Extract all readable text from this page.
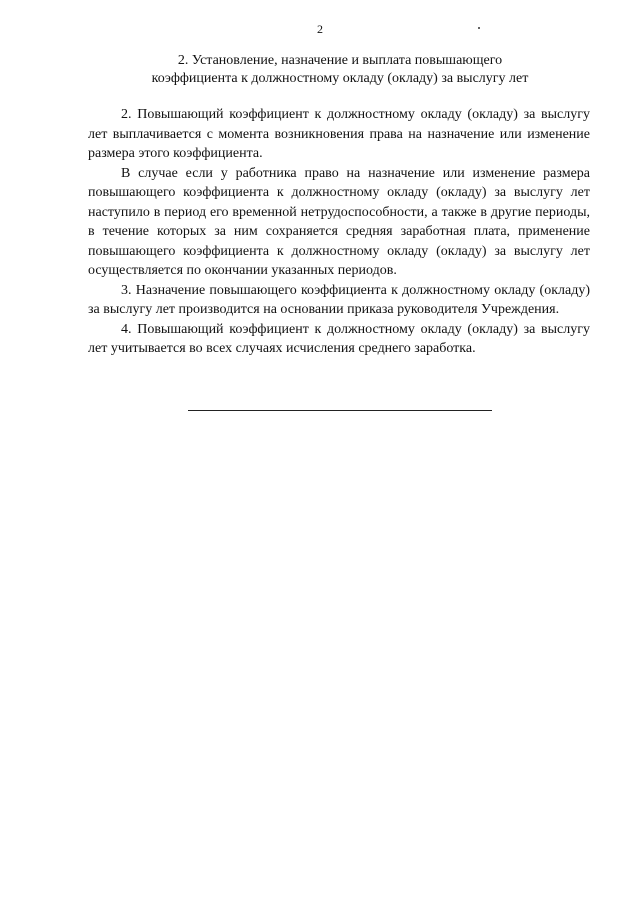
2
2. Установление, назначение и выплата повышающего
коэффициента к должностному окладу (окладу) за выслугу лет

2. Повышающий коэффициент к должностному окладу (окладу) за выслугу лет выплачивается с момента возникновения права на назначение или изменение размера этого коэффициента.

В случае если у работника право на назначение или изменение размера повышающего коэффициента к должностному окладу (окладу) за выслугу лет наступило в период его временной нетрудоспособности, а также в другие периоды, в течение которых за ним сохраняется средняя заработная плата, применение повышающего коэффициента к должностному окладу (окладу) за выслугу лет осуществляется по окончании указанных периодов.

3. Назначение повышающего коэффициента к должностному окладу (окладу) за выслугу лет производится на основании приказа руководителя Учреждения.

4. Повышающий коэффициент к должностному окладу (окладу) за выслугу лет учитывается во всех случаях исчисления среднего заработка.
